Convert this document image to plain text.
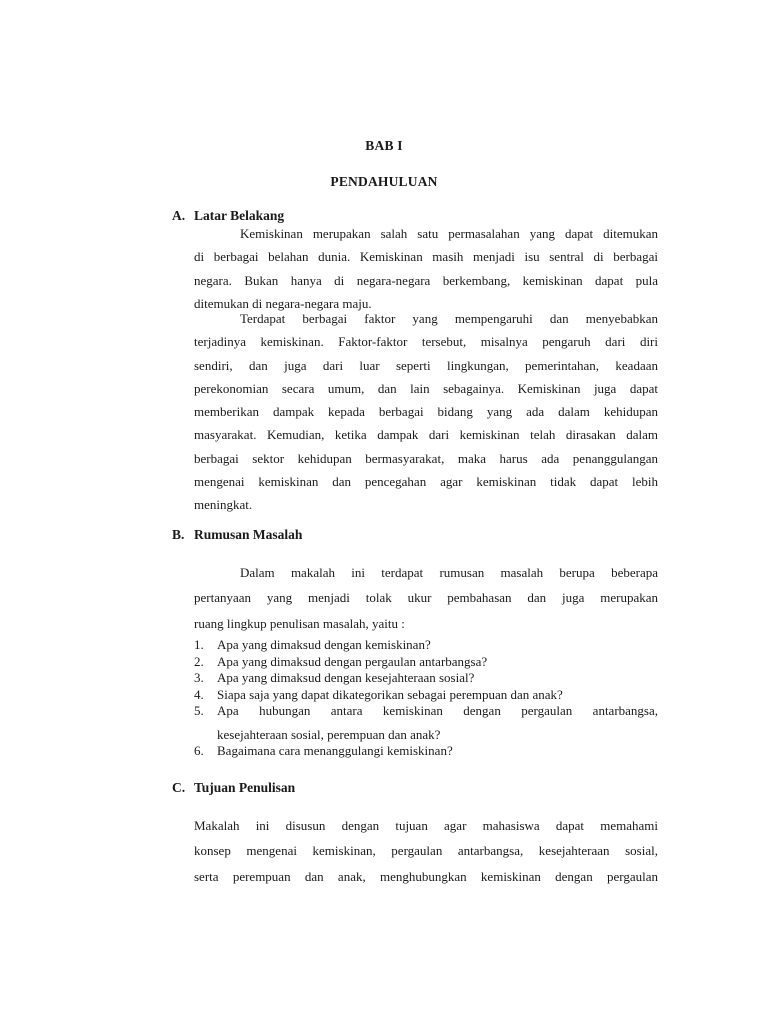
BAB I
PENDAHULUAN
A. Latar Belakang
Kemiskinan merupakan salah satu permasalahan yang dapat ditemukan
di berbagai belahan dunia. Kemiskinan masih menjadi isu sentral di berbagai
negara. Bukan hanya di negara-negara berkembang, kemiskinan dapat pula
ditemukan di negara-negara maju.
Terdapat berbagai faktor yang mempengaruhi dan menyebabkan
terjadinya kemiskinan. Faktor-faktor tersebut, misalnya pengaruh dari diri
sendiri, dan juga dari luar seperti lingkungan, pemerintahan, keadaan
perekonomian secara umum, dan lain sebagainya. Kemiskinan juga dapat
memberikan dampak kepada berbagai bidang yang ada dalam kehidupan
masyarakat. Kemudian, ketika dampak dari kemiskinan telah dirasakan dalam
berbagai sektor kehidupan bermasyarakat, maka harus ada penanggulangan
mengenai kemiskinan dan pencegahan agar kemiskinan tidak dapat lebih
meningkat.
B. Rumusan Masalah
Dalam makalah ini terdapat rumusan masalah berupa beberapa
pertanyaan yang menjadi tolak ukur pembahasan dan juga merupakan
ruang lingkup penulisan masalah, yaitu :
1. Apa yang dimaksud dengan kemiskinan?
2. Apa yang dimaksud dengan pergaulan antarbangsa?
3. Apa yang dimaksud dengan kesejahteraan sosial?
4. Siapa saja yang dapat dikategorikan sebagai perempuan dan anak?
5. Apa hubungan antara kemiskinan dengan pergaulan antarbangsa,
kesejahteraan sosial, perempuan dan anak?
6. Bagaimana cara menanggulangi kemiskinan?
C. Tujuan Penulisan
Makalah ini disusun dengan tujuan agar mahasiswa dapat memahami
konsep mengenai kemiskinan, pergaulan antarbangsa, kesejahteraan sosial,
serta perempuan dan anak, menghubungkan kemiskinan dengan pergaulan
